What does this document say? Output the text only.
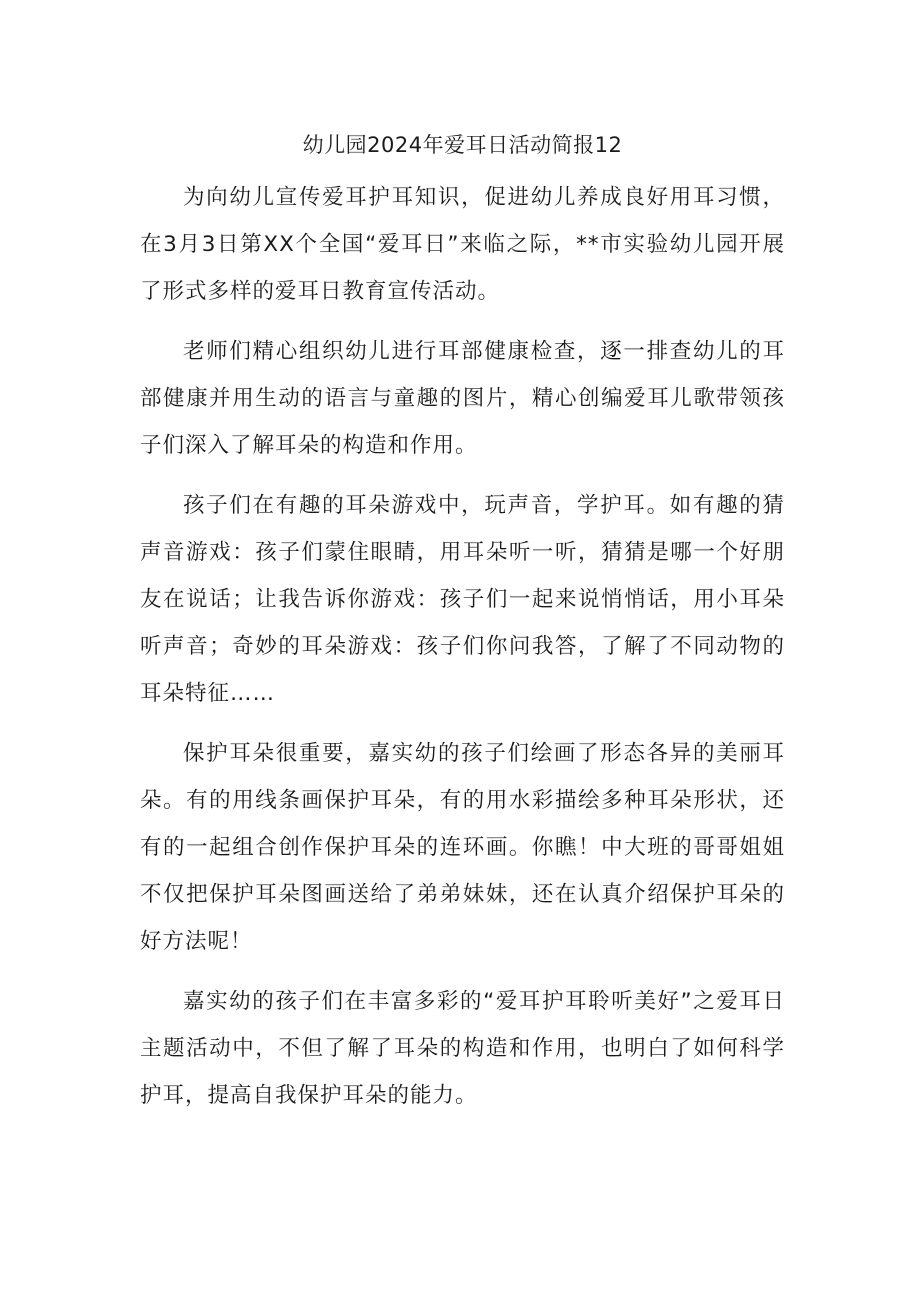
幼儿园2024年爱耳日活动简报12

为向幼儿宣传爱耳护耳知识，促进幼儿养成良好用耳习惯，在3月3日第XX个全国“爱耳日”来临之际，**市实验幼儿园开展了形式多样的爱耳日教育宣传活动。

老师们精心组织幼儿进行耳部健康检查，逐一排查幼儿的耳部健康并用生动的语言与童趣的图片，精心创编爱耳儿歌带领孩子们深入了解耳朵的构造和作用。

孩子们在有趣的耳朵游戏中，玩声音，学护耳。如有趣的猜声音游戏：孩子们蒙住眼睛，用耳朵听一听，猜猜是哪一个好朋友在说话；让我告诉你游戏：孩子们一起来说悄悄话，用小耳朵听声音；奇妙的耳朵游戏：孩子们你问我答，了解了不同动物的耳朵特征……

保护耳朵很重要，嘉实幼的孩子们绘画了形态各异的美丽耳朵。有的用线条画保护耳朵，有的用水彩描绘多种耳朵形状，还有的一起组合创作保护耳朵的连环画。你瞧！中大班的哥哥姐姐不仅把保护耳朵图画送给了弟弟妹妹，还在认真介绍保护耳朵的好方法呢！

嘉实幼的孩子们在丰富多彩的“爱耳护耳聆听美好”之爱耳日主题活动中，不但了解了耳朵的构造和作用，也明白了如何科学护耳，提高自我保护耳朵的能力。
